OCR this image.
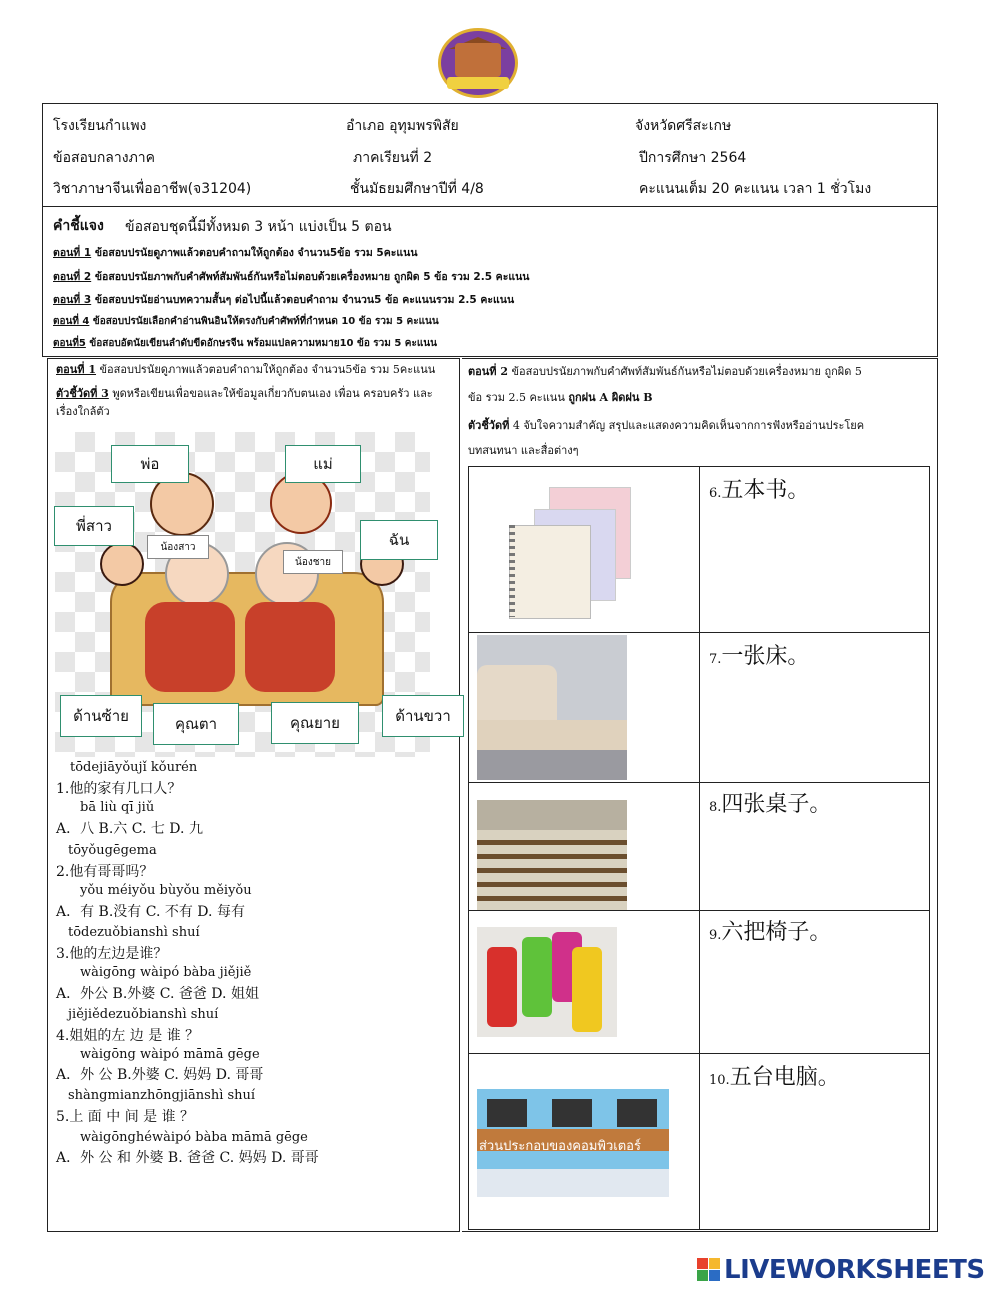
โรงเรียนกำแพง	อำเภอ อุทุมพรพิสัย	จังหวัดศรีสะเกษ
ข้อสอบกลางภาค	ภาคเรียนที่ 2	ปีการศึกษา 2564
วิชาภาษาจีนเพื่ออาชีพ(จ31204)	ชั้นมัธยมศึกษาปีที่ 4/8	คะแนนเต็ม 20 คะแนน เวลา 1 ชั่วโมง
คำชี้แจง ข้อสอบชุดนี้มีทั้งหมด 3 หน้า แบ่งเป็น 5 ตอน
ตอนที่ 1 ข้อสอบปรนัยดูภาพแล้วตอบคำถามให้ถูกต้อง จำนวน5ข้อ รวม 5คะแนน
ตอนที่ 2 ข้อสอบปรนัยภาพกับคำศัพท์สัมพันธ์กันหรือไม่ตอบด้วยเครื่องหมาย ถูกผิด 5 ข้อ รวม 2.5 คะแนน
ตอนที่ 3 ข้อสอบปรนัยอ่านบทความสั้นๆ ต่อไปนี้แล้วตอบคำถาม จำนวน5 ข้อ คะแนนรวม 2.5 คะแนน
ตอนที่ 4 ข้อสอบปรนัยเลือกคำอ่านพินอินให้ตรงกับคำศัพท์ที่กำหนด 10 ข้อ รวม 5 คะแนน
ตอนที่5 ข้อสอบอัตนัยเขียนลำดับขีดอักษรจีน พร้อมแปลความหมาย10 ข้อ รวม 5 คะแนน
ตอนที่ 1 ข้อสอบปรนัยดูภาพแล้วตอบคำถามให้ถูกต้อง จำนวน5ข้อ รวม 5คะแนน
ตัวชี้วัดที่ 3 พูดหรือเขียนเพื่อขอและให้ข้อมูลเกี่ยวกับตนเอง เพื่อน ครอบครัว และ
เรื่องใกล้ตัว
พ่อ	แม่
พี่สาว
น้องสาว	ฉัน
น้องชาย
ด้านซ้าย	คุณตา	คุณยาย	ด้านขวา
tōdejiāyǒujǐ kǒurén
1.他的家有几口人？
bā liù qī jiǔ
A．八 B.六 C. 七 D. 九
tōyǒugēgema
2.他有哥哥吗？
yǒu méiyǒu bùyǒu měiyǒu
A．有 B.没有 C. 不有 D. 每有
tōdezuǒbianshì shuí
3.他的左边是谁？
wàigōng wàipó bàba jiějiě
A．外公 B.外婆 C. 爸爸 D. 姐姐
jiějiědezuǒbianshì shuí
4.姐姐的左 边 是 谁 ？
wàigōng wàipó māmā gēge
A．外 公 B.外婆 C. 妈妈 D. 哥哥
shàngmianzhōngjiānshì shuí
5.上 面 中 间 是 谁 ？
wàigōnghéwàipó bàba māmā gēge
A．外 公 和 外婆 B. 爸爸 C. 妈妈 D. 哥哥
ตอนที่ 2 ข้อสอบปรนัยภาพกับคำศัพท์สัมพันธ์กันหรือไม่ตอบด้วยเครื่องหมาย ถูกผิด 5
ข้อ รวม 2.5 คะแนน ถูกฝน A ผิดฝน B
ตัวชี้วัดที่ 4 จับใจความสำคัญ สรุปและแสดงความคิดเห็นจากการฟังหรืออ่านประโยค
บทสนทนา และสื่อต่างๆ
6.五本书。
7.一张床。
8.四张桌子。
9.六把椅子。
ส่วนประกอบของคอมพิวเตอร์
10.五台电脑。
LIVEWORKSHEETS
